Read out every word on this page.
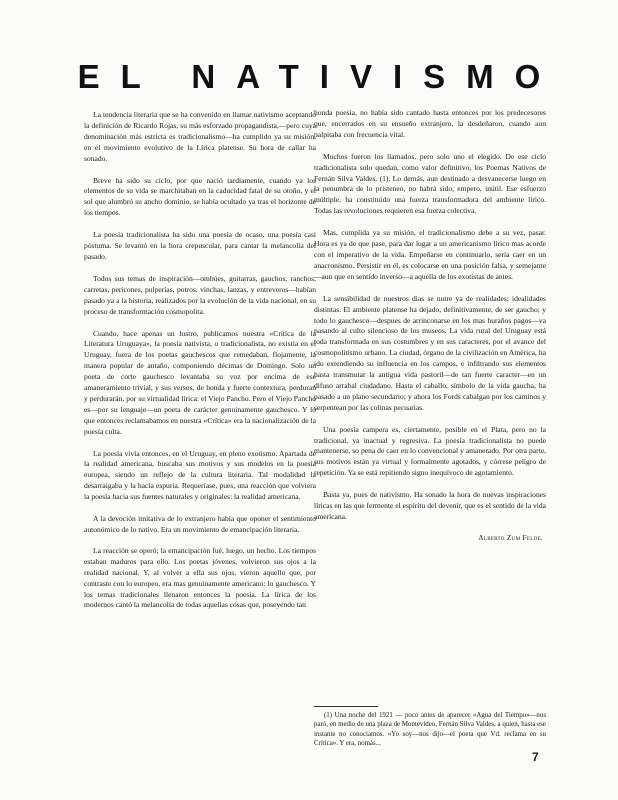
EL NATIVISMO

La tendencia literaria que se ha convenido en llamar nativismo aceptando la definición de Ricardo Rojas, su más esforzado propagandista,—pero cuya denominación más estricta es tradicionalismo—ha cumplido ya su misión, en el movimiento evolutivo de la Lírica platense. Su hora de callar ha sonado.

Breve ha sido su ciclo, por que nació tardíamente, cuando ya los elementos de su vida se marchitaban en la caducidad fatal de su otoño, y el sol que alumbró su ancho dominio, se había ocultado ya tras el horizonte de los tiempos.

La poesía tradicionalista ha sido una poesía de ocaso, una poesía casi póstuma. Se levantó en la hora crepuscular, para cantar la melancolía del pasado.

Todos sus temas de inspiración—ombúes, guitarras, gauchos, ranchos, carretas, pericones, pulperías, potros, vinchas, lanzas, y entreveros—habían pasado ya a la historia, realizados por la evolución de la vida nacional, en su proceso de transformación cosmopolita.

Cuando, hace apenas un lustro, publicamos nuestra «Crítica de la Literatura Uruguaya», la poesía nativista, o tradicionalista, no existía en el Uruguay, fuera de los poetas gauchescos que remedaban, flojamente, la manera popular de antaño, componiendo décimas de Domingo. Solo un poeta de corte gauchesco levantaba su voz por encima de ese amaneramiento trivial, y sus versos, de honda y fuerte contextura, perduran y perdurarán, por su virtualidad lírica: el Viejo Pancho. Pero el Viejo Pancho es—por su lenguaje—un poeta de carácter genuinamente gauchesco. Y lo que entonces reclamabamos en nuestra «Crítica» era la nacionalización de la poesía culta.

La poesía vivía entonces, en el Uruguay, en pleno exotismo. Apartada de la realidad americana, buscaba sus motivos y sus modelos en la poesía europea, siendo un reflejo de la cultura literaria. Tal modalidad la desarraigaba y la hacía espuria. Requeríase, pues, una reacción que volviera la poesía hacia sus fuentes naturales y originales: la realidad americana.

A la devoción imitativa de lo extranjero había que oponer el sentimiento autonómico de lo nativo. Era un movimiento de emancipación literaria.

La reacción se operó; la emancipación fué, luego, un hecho. Los tiempos estaban maduros para ello. Los poetas jóvenes, volvieron sus ojos a la realidad nacional. Y, al volver a ella sus ojos, vieron aquello que, por contraste con lo europeo, era mas genuinamente americano: lo gauchesco. Y los temas tradicionales llenaron entonces la poesía. La lírica de los modernos cantó la melancolía de todas aquellas cosas que, poseyendo tan

honda poesía, no había sido cantado hasta entonces por los predecesores que, encerrados en su ensueño extranjero, la desdeñaron, cuando aun palpitaba con frecuencia vital.

Muchos fueron los llamados, pero solo uno el elegido. De ese ciclo tradicionalista solo quedan, como valor definitivo, los Poemas Nativos de Fernán Silva Valdes. (1). Lo demás, aun destinado a desvanecerse luego en la penumbra de lo pristeneo, no habrá sido, empero, inútil. Ese esfuerzo múltiple, ha constituido una fuerza transformadora del ambiente lírico. Todas las revoluciones requieren esa fuerza colectiva.

Mas, cumplida ya su misión, el tradicionalismo debe a su vez, pasar. Hora es ya de que pase, para dar lugar a un americanismo lírico mas acorde con el imperativo de la vida. Empeñarse en continuarlo, sería caer en un anacronismo. Persistir en él, es colocarse en una posición falsa, y semejante—aun que en sentido inverso—a aquella de los exotistas de antes.

La sensibilidad de nuestros dias se nutre ya de realidades; idealidades distintas. El ambiente platense ha dejado, definitivamente, de ser gaucho; y todo lo gauchesco—despues de arrinconarse en los mas huraños pagos—va pasando al culto silencioso de los museos. La vida rural del Uruguay está toda transformada en sus costumbres y en sus caracteres, por el avance del cosmopolitismo urbano. La ciudad, órgano de la civilización en América, ha ido extendiendo su influencia en los campos, e infiltrando sus elementos hasta transmutar la antigua vida pastoril—de tan fuerte caracter—en un difuso arrabal ciudadano. Hasta el caballo, símbolo de la vida gaucha, ha pasado a un plano secundario; y ahora los Fords cabalgan por los caminos y serpentean por las colinas pecuarias.

Una poesía campera es, ciertamente, posible en el Plata, pero no la tradicional, ya inactual y regresiva. La poesía tradicionalista no puede mantenerse, so pena de caer en lo convencional y amanerado. Por otra parte, sus motivos están ya virtual y formalmente agotados, y córrese peligro de repetición. Ya se está repitiendo signo inequívoco de agotamiento.

Basta ya, pues de nativismo. Ha sonado la hora de nuevas inspiraciones líricas en las que fermente el espíritu del devenir, que es el sentido de la vida americana.

Alberto Zum Felde.
(1) Una noche del 1921 — poco antes de aparecer «Agua del Tiempo»—nos paró, en medio de una plaza de Montevideo, Fernán Silva Valdes, a quien, hasta ese instante no conociamos. «Yo soy—nos dijo—el poeta que Vd. reclama en su Crítica». Y era, nomás...
7
